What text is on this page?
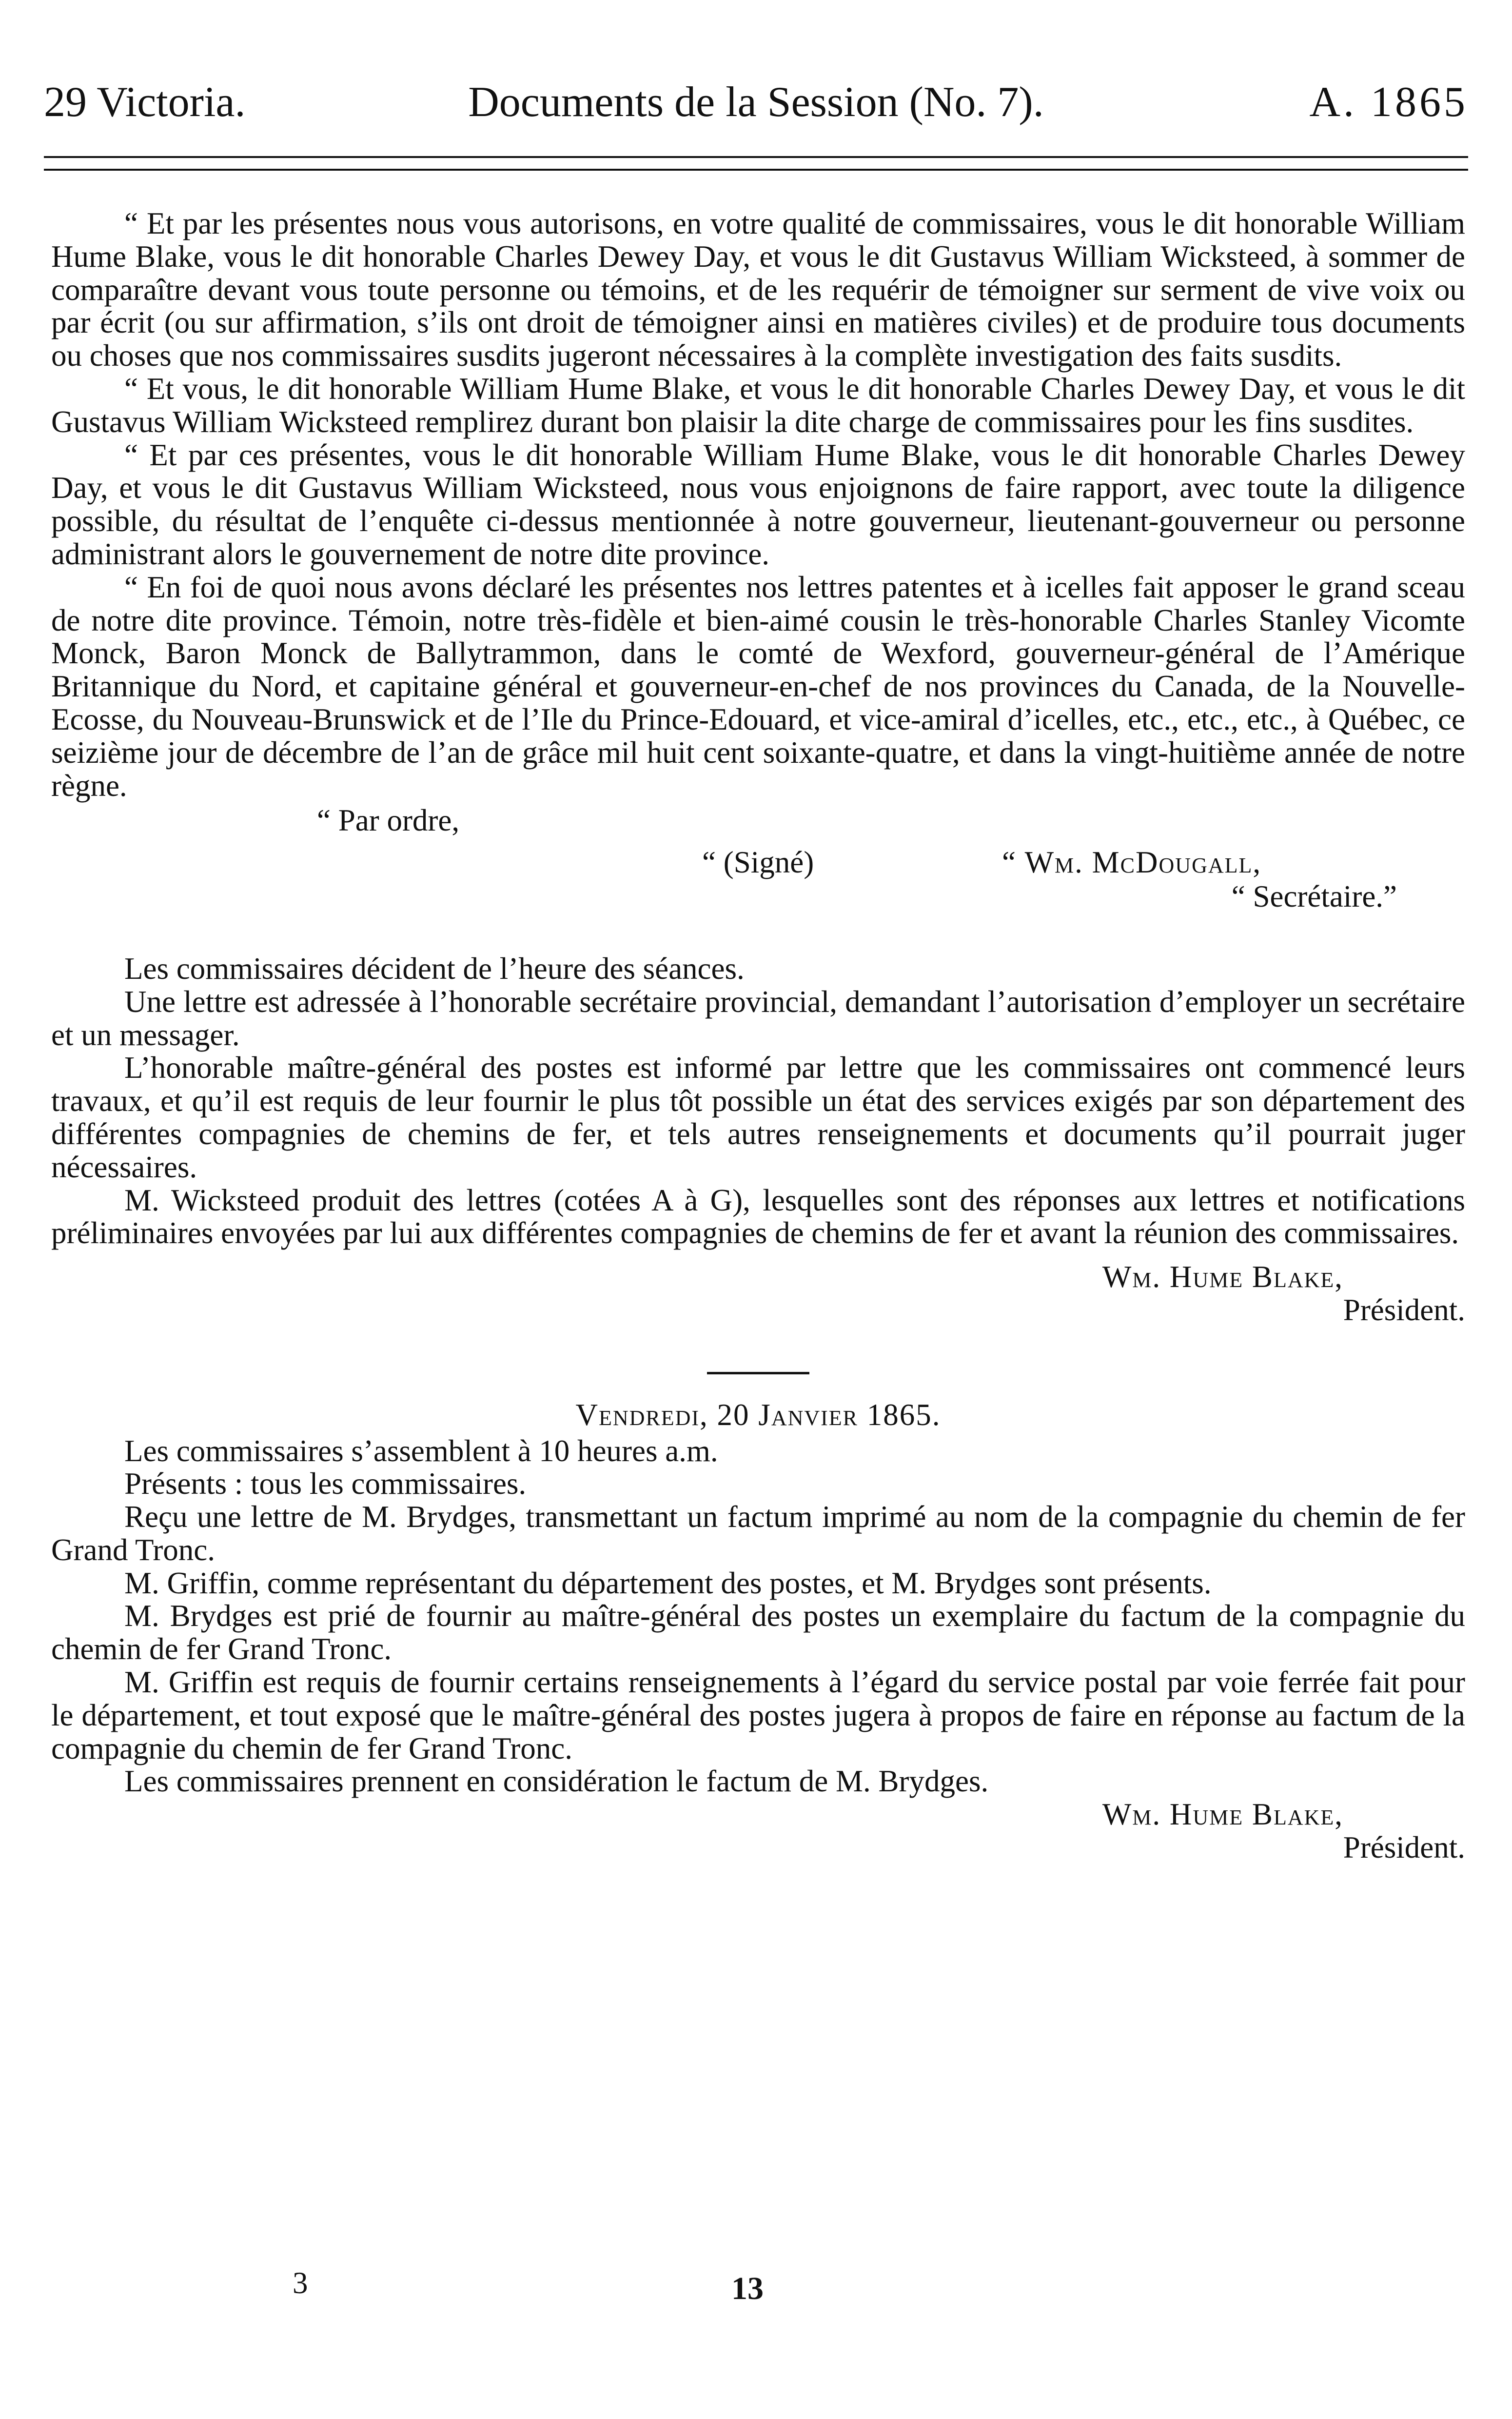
29 Victoria.	Documents de la Session (No. 7).	A. 1865

“ Et par les présentes nous vous autorisons, en votre qualité de commissaires, vous le dit honorable William Hume Blake, vous le dit honorable Charles Dewey Day, et vous le dit Gustavus William Wicksteed, à sommer de comparaître devant vous toute personne ou témoins, et de les requérir de témoigner sur serment de vive voix ou par écrit (ou sur affirmation, s’ils ont droit de témoigner ainsi en matières civiles) et de produire tous documents ou choses que nos commissaires susdits jugeront nécessaires à la complète investigation des faits susdits.

“ Et vous, le dit honorable William Hume Blake, et vous le dit honorable Charles Dewey Day, et vous le dit Gustavus William Wicksteed remplirez durant bon plaisir la dite charge de commissaires pour les fins susdites.

“ Et par ces présentes, vous le dit honorable William Hume Blake, vous le dit honorable Charles Dewey Day, et vous le dit Gustavus William Wicksteed, nous vous enjoignons de faire rapport, avec toute la diligence possible, du résultat de l’enquête ci-dessus mentionnée à notre gouverneur, lieutenant-gouverneur ou personne administrant alors le gouvernement de notre dite province.

“ En foi de quoi nous avons déclaré les présentes nos lettres patentes et à icelles fait apposer le grand sceau de notre dite province. Témoin, notre très-fidèle et bien-aimé cousin le très-honorable Charles Stanley Vicomte Monck, Baron Monck de Ballytrammon, dans le comté de Wexford, gouverneur-général de l’Amérique Britannique du Nord, et capitaine général et gouverneur-en-chef de nos provinces du Canada, de la Nouvelle-Ecosse, du Nouveau-Brunswick et de l’Ile du Prince-Edouard, et vice-amiral d’icelles, etc., etc., etc., à Québec, ce seizième jour de décembre de l’an de grâce mil huit cent soixante-quatre, et dans la vingt-huitième année de notre règne.

“ Par ordre,

“ (Signé)	“ Wm. McDougall,

“ Secrétaire.”

Les commissaires décident de l’heure des séances.

Une lettre est adressée à l’honorable secrétaire provincial, demandant l’autorisation d’employer un secrétaire et un messager.

L’honorable maître-général des postes est informé par lettre que les commissaires ont commencé leurs travaux, et qu’il est requis de leur fournir le plus tôt possible un état des services exigés par son département des différentes compagnies de chemins de fer, et tels autres renseignements et documents qu’il pourrait juger nécessaires.

M. Wicksteed produit des lettres (cotées A à G), lesquelles sont des réponses aux lettres et notifications préliminaires envoyées par lui aux différentes compagnies de chemins de fer et avant la réunion des commissaires.

Wm. Hume Blake,

Président.

Vendredi, 20 Janvier 1865.

Les commissaires s’assemblent à 10 heures a.m.

Présents : tous les commissaires.

Reçu une lettre de M. Brydges, transmettant un factum imprimé au nom de la compagnie du chemin de fer Grand Tronc.

M. Griffin, comme représentant du département des postes, et M. Brydges sont présents.

M. Brydges est prié de fournir au maître-général des postes un exemplaire du factum de la compagnie du chemin de fer Grand Tronc.

M. Griffin est requis de fournir certains renseignements à l’égard du service postal par voie ferrée fait pour le département, et tout exposé que le maître-général des postes jugera à propos de faire en réponse au factum de la compagnie du chemin de fer Grand Tronc.

Les commissaires prennent en considération le factum de M. Brydges.

Wm. Hume Blake,

Président.

3	13
